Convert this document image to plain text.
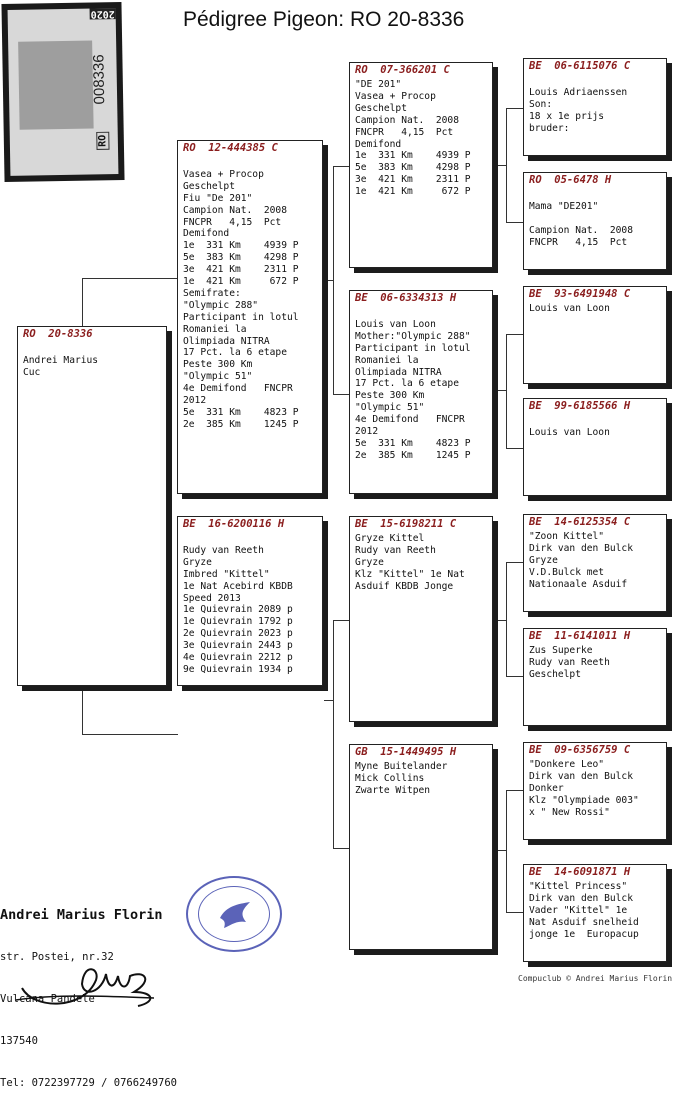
Pédigree Pigeon: RO 20-8336
2020
008336
RO
RO  20-8336
Andrei Marius
Cuc
RO  12-444385 C
Vasea + Procop
Geschelpt
Fiu "De 201"
Campion Nat.  2008
FNCPR   4,15  Pct
Demifond
1e  331 Km    4939 P
5e  383 Km    4298 P
3e  421 Km    2311 P
1e  421 Km     672 P
Semifrate:
"Olympic 288"
Participant in lotul
Romaniei la
Olimpiada NITRA
17 Pct. la 6 etape
Peste 300 Km
"Olympic 51"
4e Demifond   FNCPR
2012
5e  331 Km    4823 P
2e  385 Km    1245 P
BE  16-6200116 H
Rudy van Reeth
Gryze
Imbred "Kittel"
1e Nat Acebird KBDB
Speed 2013
1e Quievrain 2089 p
1e Quievrain 1792 p
2e Quievrain 2023 p
3e Quievrain 2443 p
4e Quievrain 2212 p
9e Quievrain 1934 p
RO  07-366201 C
"DE 201"
Vasea + Procop
Geschelpt
Campion Nat.  2008
FNCPR   4,15  Pct
Demifond
1e  331 Km    4939 P
5e  383 Km    4298 P
3e  421 Km    2311 P
1e  421 Km     672 P
BE  06-6334313 H
Louis van Loon
Mother:"Olympic 288"
Participant in lotul
Romaniei la
Olimpiada NITRA
17 Pct. la 6 etape
Peste 300 Km
"Olympic 51"
4e Demifond   FNCPR
2012
5e  331 Km    4823 P
2e  385 Km    1245 P
BE  15-6198211 C
Gryze Kittel
Rudy van Reeth
Gryze
Klz "Kittel" 1e Nat
Asduif KBDB Jonge
GB  15-1449495 H
Myne Buitelander
Mick Collins
Zwarte Witpen
BE  06-6115076 C
Louis Adriaenssen
Son:
18 x 1e prijs
bruder:
RO  05-6478 H
Mama "DE201"
Campion Nat.  2008
FNCPR   4,15  Pct
BE  93-6491948 C
Louis van Loon
BE  99-6185566 H
Louis van Loon
BE  14-6125354 C
"Zoon Kittel"
Dirk van den Bulck
Gryze
V.D.Bulck met
Nationaale Asduif
BE  11-6141011 H
Zus Superke
Rudy van Reeth
Geschelpt
BE  09-6356759 C
"Donkere Leo"
Dirk van den Bulck
Donker
Klz "Olympiade 003"
x " New Rossi"
BE  14-6091871 H
"Kittel Princess"
Dirk van den Bulck
Vader "Kittel" 1e
Nat Asduif snelheid
jonge 1e  Europacup

Andrei Marius Florin

str. Postei, nr.32

Vulcana Pandele

137540

Tel: 0722397729 / 0766249760

Compuclub © Andrei Marius Florin
